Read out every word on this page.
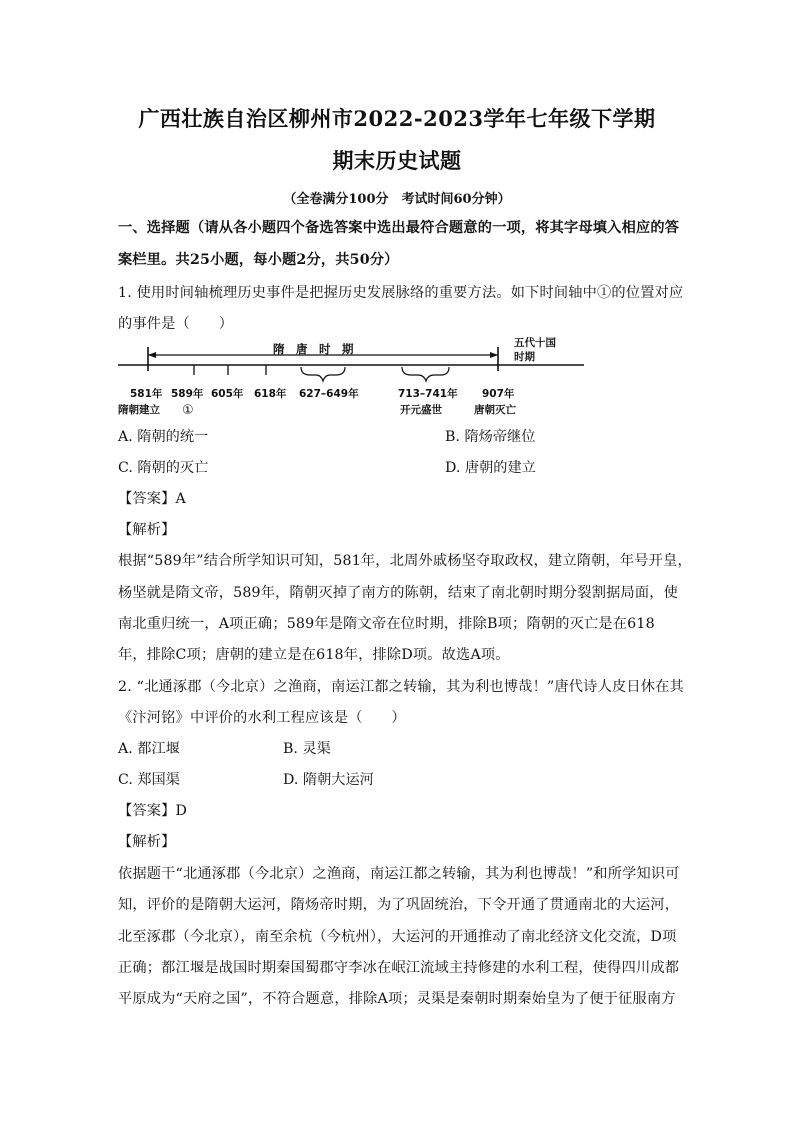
广西壮族自治区柳州市2022-2023学年七年级下学期
期末历史试题
（全卷满分100分　考试时间60分钟）
一、选择题（请从各小题四个备选答案中选出最符合题意的一项，将其字母填入相应的答
案栏里。共25小题，每小题2分，共50分）
1. 使用时间轴梳理历史事件是把握历史发展脉络的重要方法。如下时间轴中①的位置对应
的事件是（　　）
隋　唐　时　期	五代十国
时期
581年 589年 605年 618年 627–649年	713–741年 907年
隋朝建立 ①	开元盛世	唐朝灭亡
A. 隋朝的统一	B. 隋炀帝继位
C. 隋朝的灭亡	D. 唐朝的建立
【答案】A
【解析】
根据“589年”结合所学知识可知，581年，北周外戚杨坚夺取政权，建立隋朝，年号开皇，
杨坚就是隋文帝，589年，隋朝灭掉了南方的陈朝，结束了南北朝时期分裂割据局面，使
南北重归统一，A项正确；589年是隋文帝在位时期，排除B项；隋朝的灭亡是在618
年，排除C项；唐朝的建立是在618年，排除D项。故选A项。
2. “北通涿郡（今北京）之渔商，南运江都之转输，其为利也博哉！”唐代诗人皮日休在其
《汴河铭》中评价的水利工程应该是（　　）
A. 都江堰	B. 灵渠
C. 郑国渠	D. 隋朝大运河
【答案】D
【解析】
依据题干“北通涿郡（今北京）之渔商，南运江都之转输，其为利也博哉！”和所学知识可
知，评价的是隋朝大运河，隋炀帝时期，为了巩固统治，下令开通了贯通南北的大运河，
北至涿郡（今北京），南至余杭（今杭州），大运河的开通推动了南北经济文化交流，D项
正确；都江堰是战国时期秦国蜀郡守李冰在岷江流域主持修建的水利工程，使得四川成都
平原成为“天府之国”，不符合题意，排除A项；灵渠是秦朝时期秦始皇为了便于征服南方
